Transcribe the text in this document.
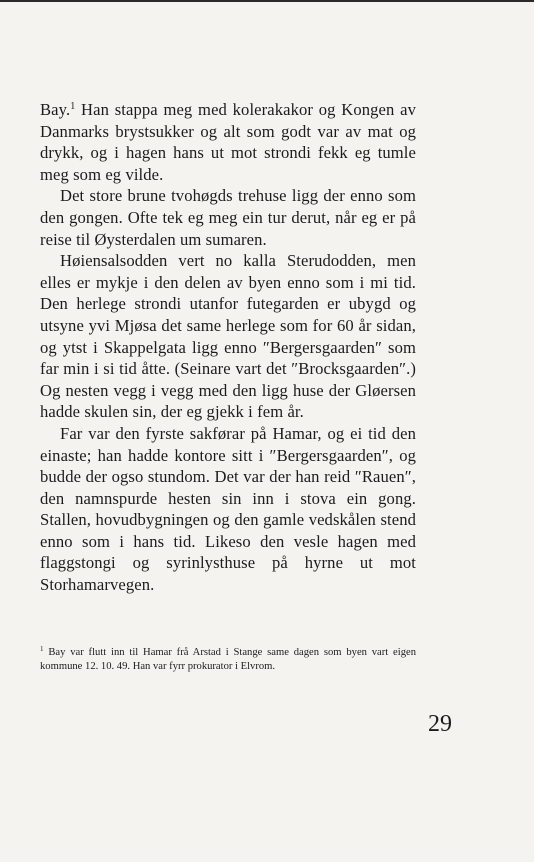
Bay.$^1$ Han stappa meg med kolerakakor og Kongen av Danmarks brystsukker og alt som godt var av mat og drykk, og i hagen hans ut mot strondi fekk eg tumle meg som eg vilde.

Det store brune tvohøgds trehuse ligg der enno som den gongen. Ofte tek eg meg ein tur derut, når eg er på reise til Øysterdalen um sumaren.

Høiensalsodden vert no kalla Sterudodden, men elles er mykje i den delen av byen enno som i mi tid. Den herlege strondi utanfor futegarden er ubygd og utsyne yvi Mjøsa det same herlege som for 60 år sidan, og ytst i Skappelgata ligg enno ″Bergersgaarden″ som far min i si tid åtte. (Seinare vart det ″Brocksgaarden″.) Og nesten vegg i vegg med den ligg huse der Gløersen hadde skulen sin, der eg gjekk i fem år.

Far var den fyrste sakførar på Hamar, og ei tid den einaste; han hadde kontore sitt i ″Bergersgaarden″, og budde der ogso stundom. Det var der han reid ″Rauen″, den namnspurde hesten sin inn i stova ein gong. Stallen, hovudbygningen og den gamle vedskålen stend enno som i hans tid. Likeso den vesle hagen med flaggstongi og syrinlysthuse på hyrne ut mot Storhamarvegen.

$^1$ Bay var flutt inn til Hamar frå Arstad i Stange same dagen som byen vart eigen kommune 12. 10. 49. Han var fyrr prokurator i Elvrom.
29
